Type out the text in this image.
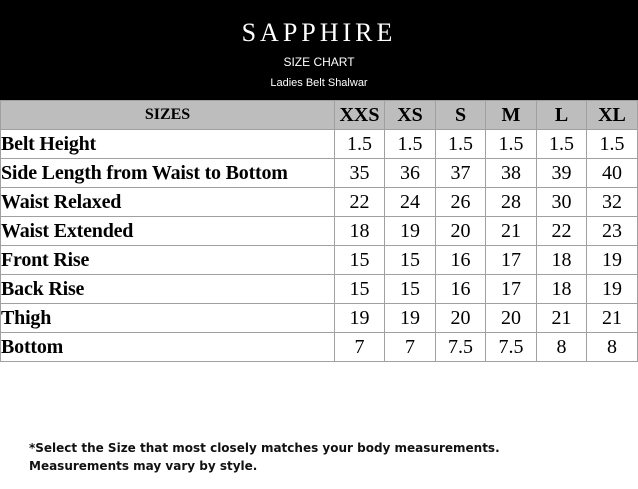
SAPPHIRE
SIZE CHART
Ladies Belt Shalwar
SIZES	XXS	XS	S	M	L	XL
Belt Height	1.5	1.5	1.5	1.5	1.5	1.5
Side Length from Waist to Bottom	35	36	37	38	39	40
Waist Relaxed	22	24	26	28	30	32
Waist Extended	18	19	20	21	22	23
Front Rise	15	15	16	17	18	19
Back Rise	15	15	16	17	18	19
Thigh	19	19	20	20	21	21
Bottom	7	7	7.5	7.5	8	8
*Select the Size that most closely matches your body measurements.
Measurements may vary by style.
